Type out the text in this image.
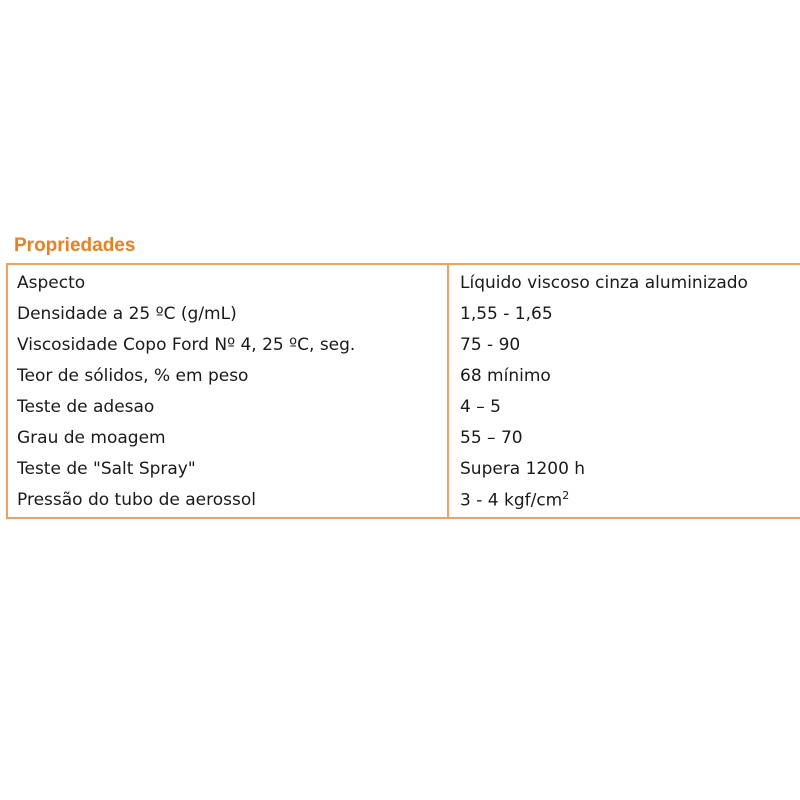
Propriedades
Aspecto	Líquido viscoso cinza aluminizado
Densidade a 25 ºC (g/mL)	1,55 - 1,65
Viscosidade Copo Ford Nº 4, 25 ºC, seg.	75 - 90
Teor de sólidos, % em peso	68 mínimo
Teste de adesao	4 – 5
Grau de moagem	55 – 70
Teste de "Salt Spray"	Supera 1200 h
Pressão do tubo de aerossol	3 - 4 kgf/$cm^2$
